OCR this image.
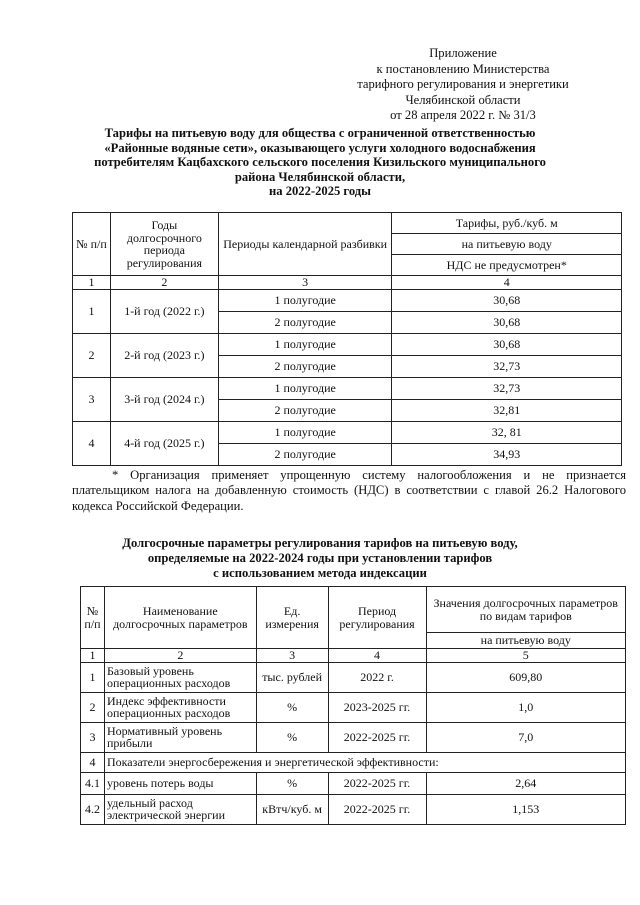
Приложение
к постановлению Министерства
тарифного регулирования и энергетики
Челябинской области
от 28 апреля 2022 г. № 31/3
Тарифы на питьевую воду для общества с ограниченной ответственностью
«Районные водяные сети», оказывающего услуги холодного водоснабжения
потребителям Кацбахского сельского поселения Кизильского муниципального
района Челябинской области,
на 2022-2025 годы
№ п/п	Годы долгосрочного периода регулирования	Периоды календарной разбивки	Тарифы, руб./куб. м
			на питьевую воду
			НДС не предусмотрен*
1	2	3	4
1	1-й год (2022 г.)	1 полугодие	30,68
		2 полугодие	30,68
2	2-й год (2023 г.)	1 полугодие	30,68
		2 полугодие	32,73
3	3-й год (2024 г.)	1 полугодие	32,73
		2 полугодие	32,81
4	4-й год (2025 г.)	1 полугодие	32, 81
		2 полугодие	34,93
* Организация применяет упрощенную систему налогообложения и не признается плательщиком налога на добавленную стоимость (НДС) в соответствии с главой 26.2 Налогового кодекса Российской Федерации.
Долгосрочные параметры регулирования тарифов на питьевую воду,
определяемые на 2022-2024 годы при установлении тарифов
с использованием метода индексации
№ п/п	Наименование долгосрочных параметров	Ед. измерения	Период регулирования	Значения долгосрочных параметров по видам тарифов
				на питьевую воду
1	2	3	4	5
1	Базовый уровень операционных расходов	тыс. рублей	2022 г.	609,80
2	Индекс эффективности операционных расходов	%	2023-2025 гг.	1,0
3	Нормативный уровень прибыли	%	2022-2025 гг.	7,0
4	Показатели энергосбережения и энергетической эффективности:			
4.1	уровень потерь воды	%	2022-2025 гг.	2,64
4.2	удельный расход электрической энергии	кВтч/куб. м	2022-2025 гг.	1,153
